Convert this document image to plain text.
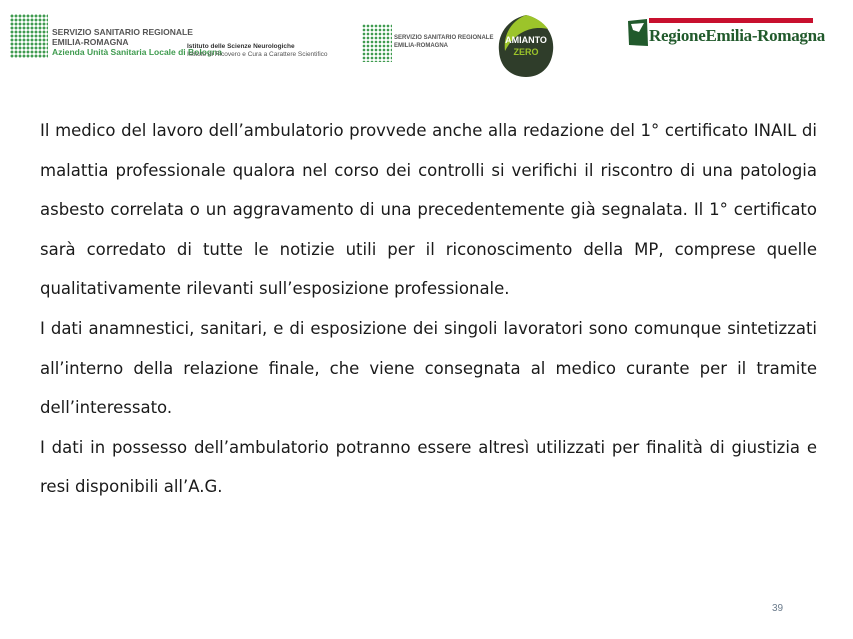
SERVIZIO SANITARIO REGIONALE
EMILIA-ROMAGNA
Azienda Unità Sanitaria Locale di Bologna
Istituto delle Scienze Neurologiche
Istituto di Ricovero e Cura a Carattere Scientifico
SERVIZIO SANITARIO REGIONALE
EMILIA-ROMAGNA
AMIANTO
ZERO
RegioneEmilia-Romagna

Il medico del lavoro dell’ambulatorio provvede anche alla redazione del 1° certificato INAIL di malattia professionale qualora nel corso dei controlli si verifichi il riscontro di una patologia asbesto correlata o un aggravamento di una precedentemente già segnalata. Il 1° certificato sarà corredato di tutte le notizie utili per il riconoscimento della MP, comprese quelle qualitativamente rilevanti sull’esposizione professionale.

I dati anamnestici, sanitari, e di esposizione dei singoli lavoratori sono comunque sintetizzati all’interno della relazione finale, che viene consegnata al medico curante per il tramite dell’interessato.

I dati in possesso dell’ambulatorio potranno essere altresì utilizzati per finalità di giustizia e resi disponibili all’A.G.

39
